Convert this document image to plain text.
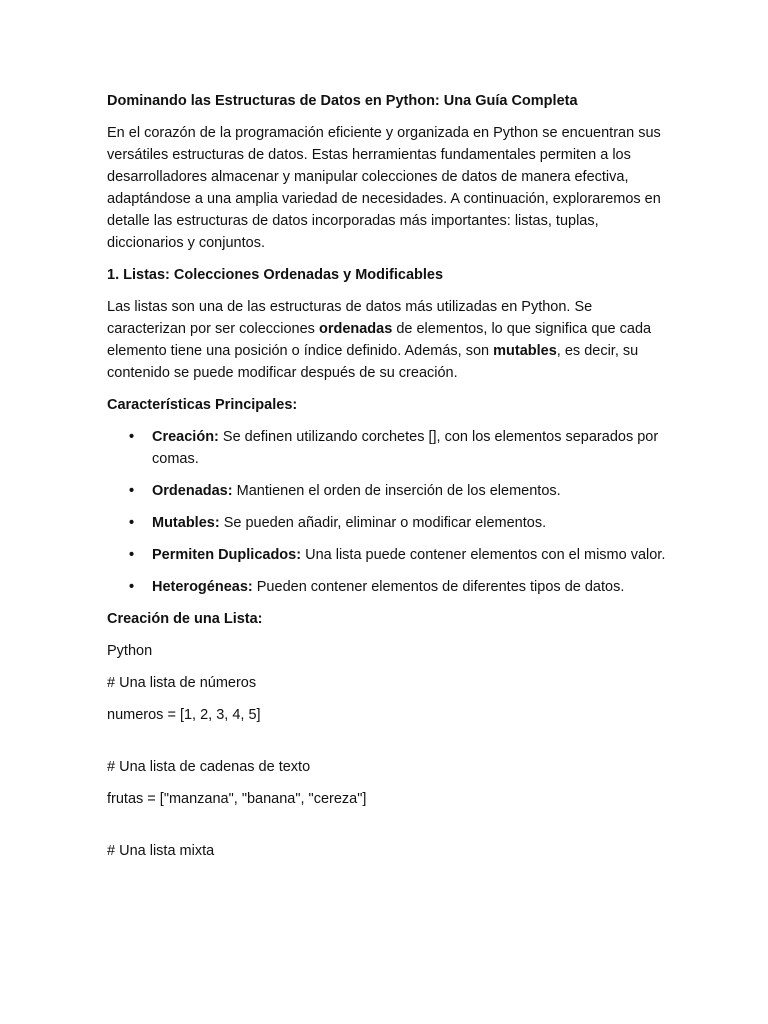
Dominando las Estructuras de Datos en Python: Una Guía Completa

En el corazón de la programación eficiente y organizada en Python se encuentran sus versátiles estructuras de datos. Estas herramientas fundamentales permiten a los desarrolladores almacenar y manipular colecciones de datos de manera efectiva, adaptándose a una amplia variedad de necesidades. A continuación, exploraremos en detalle las estructuras de datos incorporadas más importantes: listas, tuplas, diccionarios y conjuntos.

1. Listas: Colecciones Ordenadas y Modificables

Las listas son una de las estructuras de datos más utilizadas en Python. Se caracterizan por ser colecciones ordenadas de elementos, lo que significa que cada elemento tiene una posición o índice definido. Además, son mutables, es decir, su contenido se puede modificar después de su creación.

Características Principales:

• Creación: Se definen utilizando corchetes [], con los elementos separados por comas.
• Ordenadas: Mantienen el orden de inserción de los elementos.
• Mutables: Se pueden añadir, eliminar o modificar elementos.
• Permiten Duplicados: Una lista puede contener elementos con el mismo valor.
• Heterogéneas: Pueden contener elementos de diferentes tipos de datos.

Creación de una Lista:

Python

# Una lista de números

numeros = [1, 2, 3, 4, 5]

# Una lista de cadenas de texto

frutas = ["manzana", "banana", "cereza"]

# Una lista mixta
